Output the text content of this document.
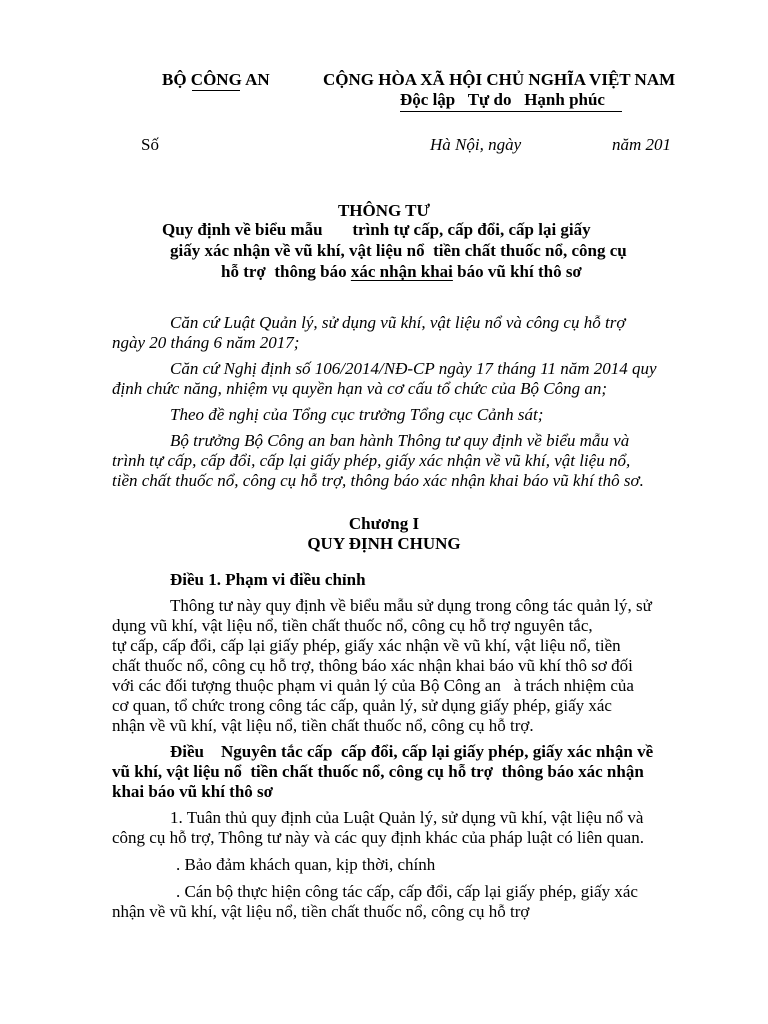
BỘ CÔNG AN	CỘNG HÒA XÃ HỘI CHỦ NGHĨA VIỆT NAM
Độc lập   Tự do   Hạnh phúc
Số	Hà Nội, ngày	năm 201
THÔNG TƯ
Quy định về biểu mẫu       trình tự cấp, cấp đổi, cấp lại giấy
giấy xác nhận về vũ khí, vật liệu nổ  tiền chất thuốc nổ, công cụ
hỗ trợ  thông báo xác nhận khai báo vũ khí thô sơ
Căn cứ Luật Quản lý, sử dụng vũ khí, vật liệu nổ và công cụ hỗ trợ
ngày 20 tháng 6 năm 2017;
Căn cứ Nghị định số 106/2014/NĐ-CP ngày 17 tháng 11 năm 2014 quy
định chức năng, nhiệm vụ quyền hạn và cơ cấu tổ chức của Bộ Công an;
Theo đề nghị của Tổng cục trưởng Tổng cục Cảnh sát;
Bộ trưởng Bộ Công an ban hành Thông tư quy định về biểu mẫu và
trình tự cấp, cấp đổi, cấp lại giấy phép, giấy xác nhận về vũ khí, vật liệu nổ,
tiền chất thuốc nổ, công cụ hỗ trợ, thông báo xác nhận khai báo vũ khí thô sơ.
Chương I
QUY ĐỊNH CHUNG
Điều 1. Phạm vi điều chỉnh
Thông tư này quy định về biểu mẫu sử dụng trong công tác quản lý, sử
dụng vũ khí, vật liệu nổ, tiền chất thuốc nổ, công cụ hỗ trợ nguyên tắc,
tự cấp, cấp đổi, cấp lại giấy phép, giấy xác nhận về vũ khí, vật liệu nổ, tiền
chất thuốc nổ, công cụ hỗ trợ, thông báo xác nhận khai báo vũ khí thô sơ đối
với các đối tượng thuộc phạm vi quản lý của Bộ Công an   à trách nhiệm của
cơ quan, tổ chức trong công tác cấp, quản lý, sử dụng giấy phép, giấy xác
nhận về vũ khí, vật liệu nổ, tiền chất thuốc nổ, công cụ hỗ trợ.
Điều    Nguyên tắc cấp  cấp đổi, cấp lại giấy phép, giấy xác nhận về
vũ khí, vật liệu nổ  tiền chất thuốc nổ, công cụ hỗ trợ  thông báo xác nhận
khai báo vũ khí thô sơ
1. Tuân thủ quy định của Luật Quản lý, sử dụng vũ khí, vật liệu nổ và
công cụ hỗ trợ, Thông tư này và các quy định khác của pháp luật có liên quan.
. Bảo đảm khách quan, kịp thời, chính
. Cán bộ thực hiện công tác cấp, cấp đổi, cấp lại giấy phép, giấy xác
nhận về vũ khí, vật liệu nổ, tiền chất thuốc nổ, công cụ hỗ trợ
